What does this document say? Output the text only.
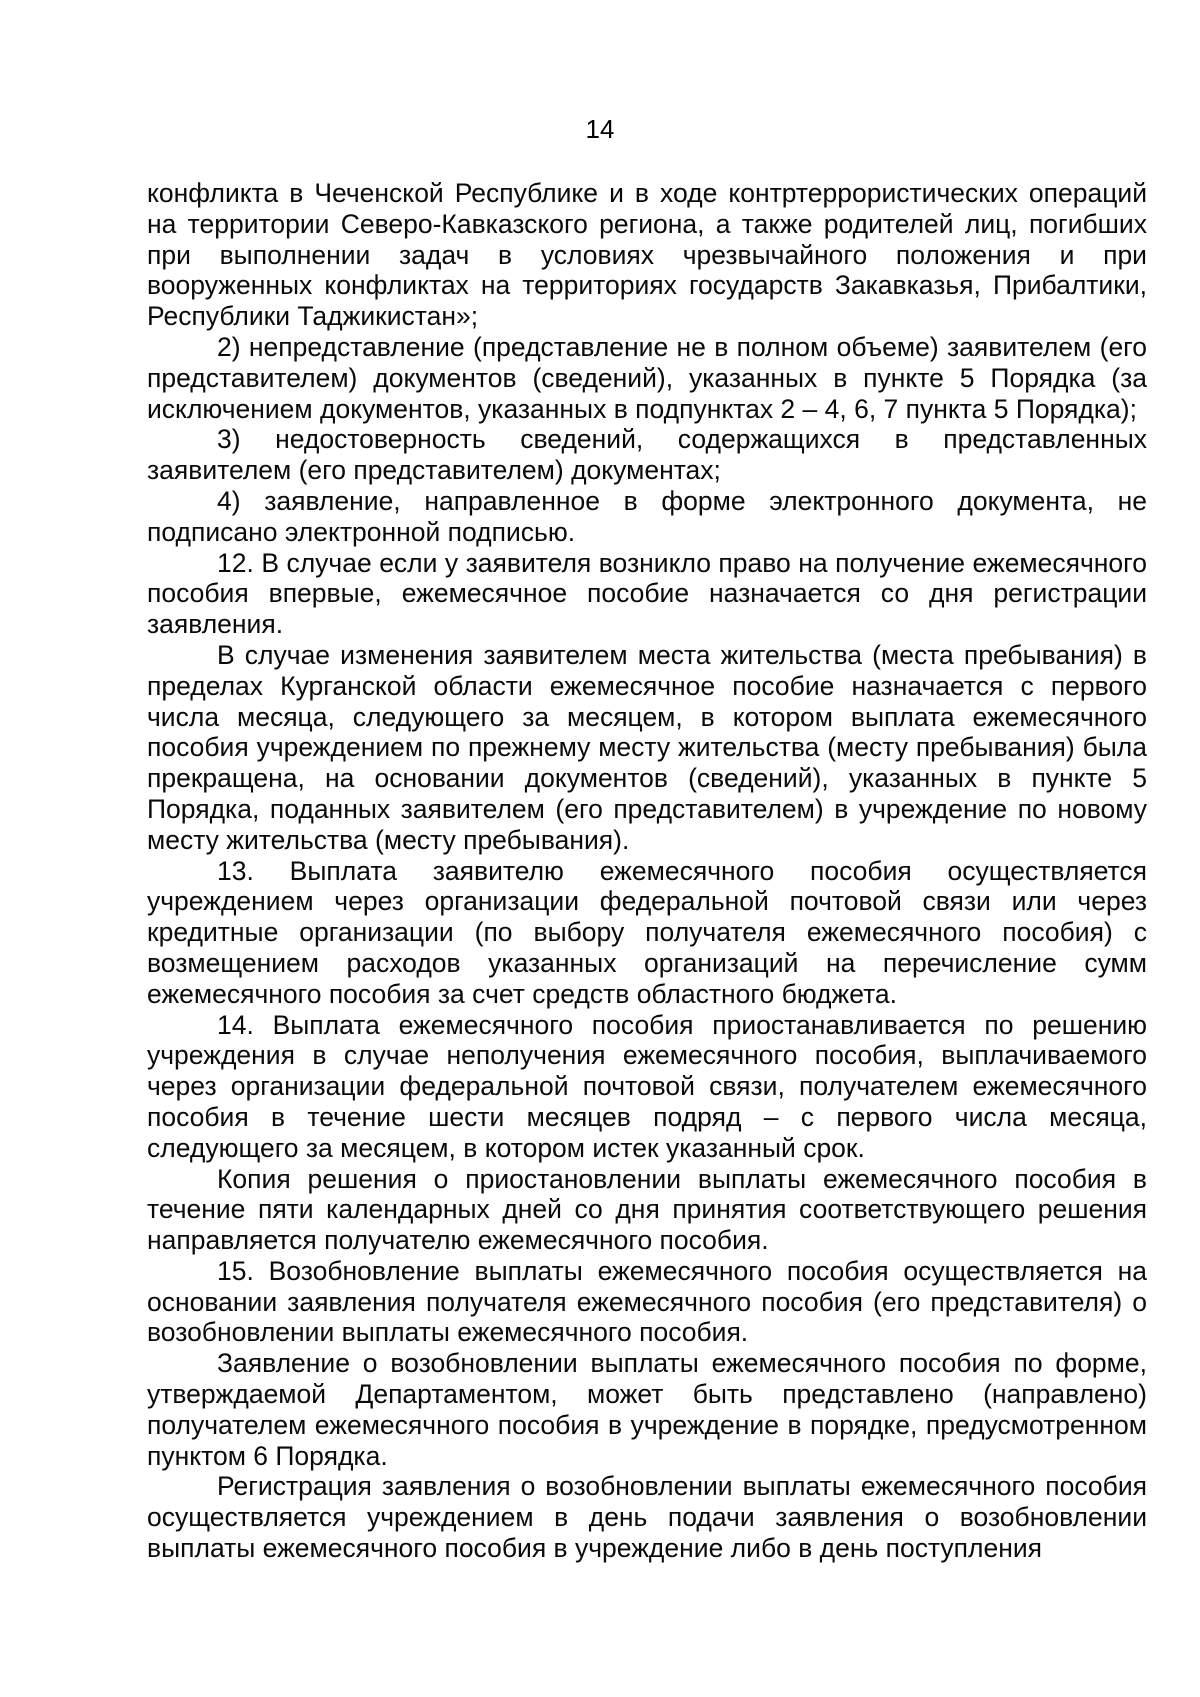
14

конфликта в Чеченской Республике и в ходе контртеррористических операций на территории Северо-Кавказского региона, а также родителей лиц, погибших при выполнении задач в условиях чрезвычайного положения и при вооруженных конфликтах на территориях государств Закавказья, Прибалтики, Республики Таджикистан»;

2) непредставление (представление не в полном объеме) заявителем (его представителем) документов (сведений), указанных в пункте 5 Порядка (за исключением документов, указанных в подпунктах 2 – 4, 6, 7 пункта 5 Порядка);

3) недостоверность сведений, содержащихся в представленных заявителем (его представителем) документах;

4) заявление, направленное в форме электронного документа, не подписано электронной подписью.

12. В случае если у заявителя возникло право на получение ежемесячного пособия впервые, ежемесячное пособие назначается со дня регистрации заявления.

В случае изменения заявителем места жительства (места пребывания) в пределах Курганской области ежемесячное пособие назначается с первого числа месяца, следующего за месяцем, в котором выплата ежемесячного пособия учреждением по прежнему месту жительства (месту пребывания) была прекращена, на основании документов (сведений), указанных в пункте 5 Порядка, поданных заявителем (его представителем) в учреждение по новому месту жительства (месту пребывания).

13. Выплата заявителю ежемесячного пособия осуществляется учреждением через организации федеральной почтовой связи или через кредитные организации (по выбору получателя ежемесячного пособия) с возмещением расходов указанных организаций на перечисление сумм ежемесячного пособия за счет средств областного бюджета.

14. Выплата ежемесячного пособия приостанавливается по решению учреждения в случае неполучения ежемесячного пособия, выплачиваемого через организации федеральной почтовой связи, получателем ежемесячного пособия в течение шести месяцев подряд – с первого числа месяца, следующего за месяцем, в котором истек указанный срок.

Копия решения о приостановлении выплаты ежемесячного пособия в течение пяти календарных дней со дня принятия соответствующего решения направляется получателю ежемесячного пособия.

15. Возобновление выплаты ежемесячного пособия осуществляется на основании заявления получателя ежемесячного пособия (его представителя) о возобновлении выплаты ежемесячного пособия.

Заявление о возобновлении выплаты ежемесячного пособия по форме, утверждаемой Департаментом, может быть представлено (направлено) получателем ежемесячного пособия в учреждение в порядке, предусмотренном пунктом 6 Порядка.

Регистрация заявления о возобновлении выплаты ежемесячного пособия осуществляется учреждением в день подачи заявления о возобновлении выплаты ежемесячного пособия в учреждение либо в день поступления
